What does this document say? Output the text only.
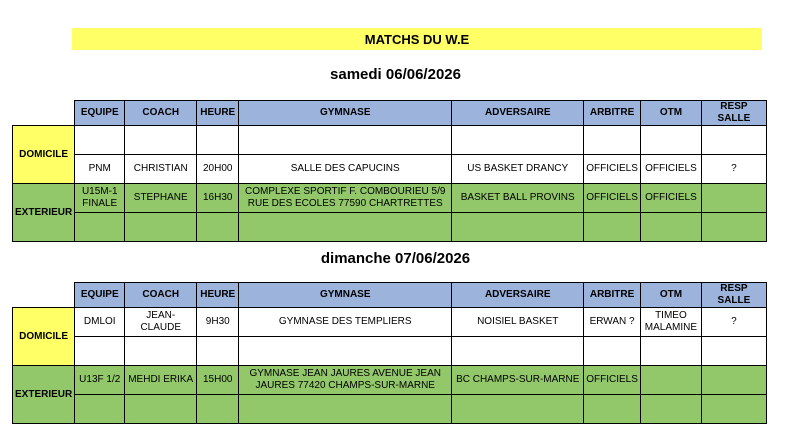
MATCHS DU W.E
samedi 06/06/2026
	EQUIPE	COACH	HEURE	GYMNASE	ADVERSAIRE	ARBITRE	OTM	RESP SALLE
DOMICILE								
	PNM	CHRISTIAN	20H00	SALLE DES CAPUCINS	US BASKET DRANCY	OFFICIELS	OFFICIELS	?
EXTERIEUR	U15M-1 FINALE	STEPHANE	16H30	COMPLEXE SPORTIF F. COMBOURIEU 5/9 RUE DES ECOLES 77590 CHARTRETTES	BASKET BALL PROVINS	OFFICIELS	OFFICIELS	

dimanche 07/06/2026
	EQUIPE	COACH	HEURE	GYMNASE	ADVERSAIRE	ARBITRE	OTM	RESP SALLE
DOMICILE	DMLOI	JEAN-CLAUDE	9H30	GYMNASE DES TEMPLIERS	NOISIEL BASKET	ERWAN ?	TIMEO MALAMINE	?

EXTERIEUR	U13F 1/2	MEHDI ERIKA	15H00	GYMNASE JEAN JAURES AVENUE JEAN JAURES 77420 CHAMPS-SUR-MARNE	BC CHAMPS-SUR-MARNE	OFFICIELS		
